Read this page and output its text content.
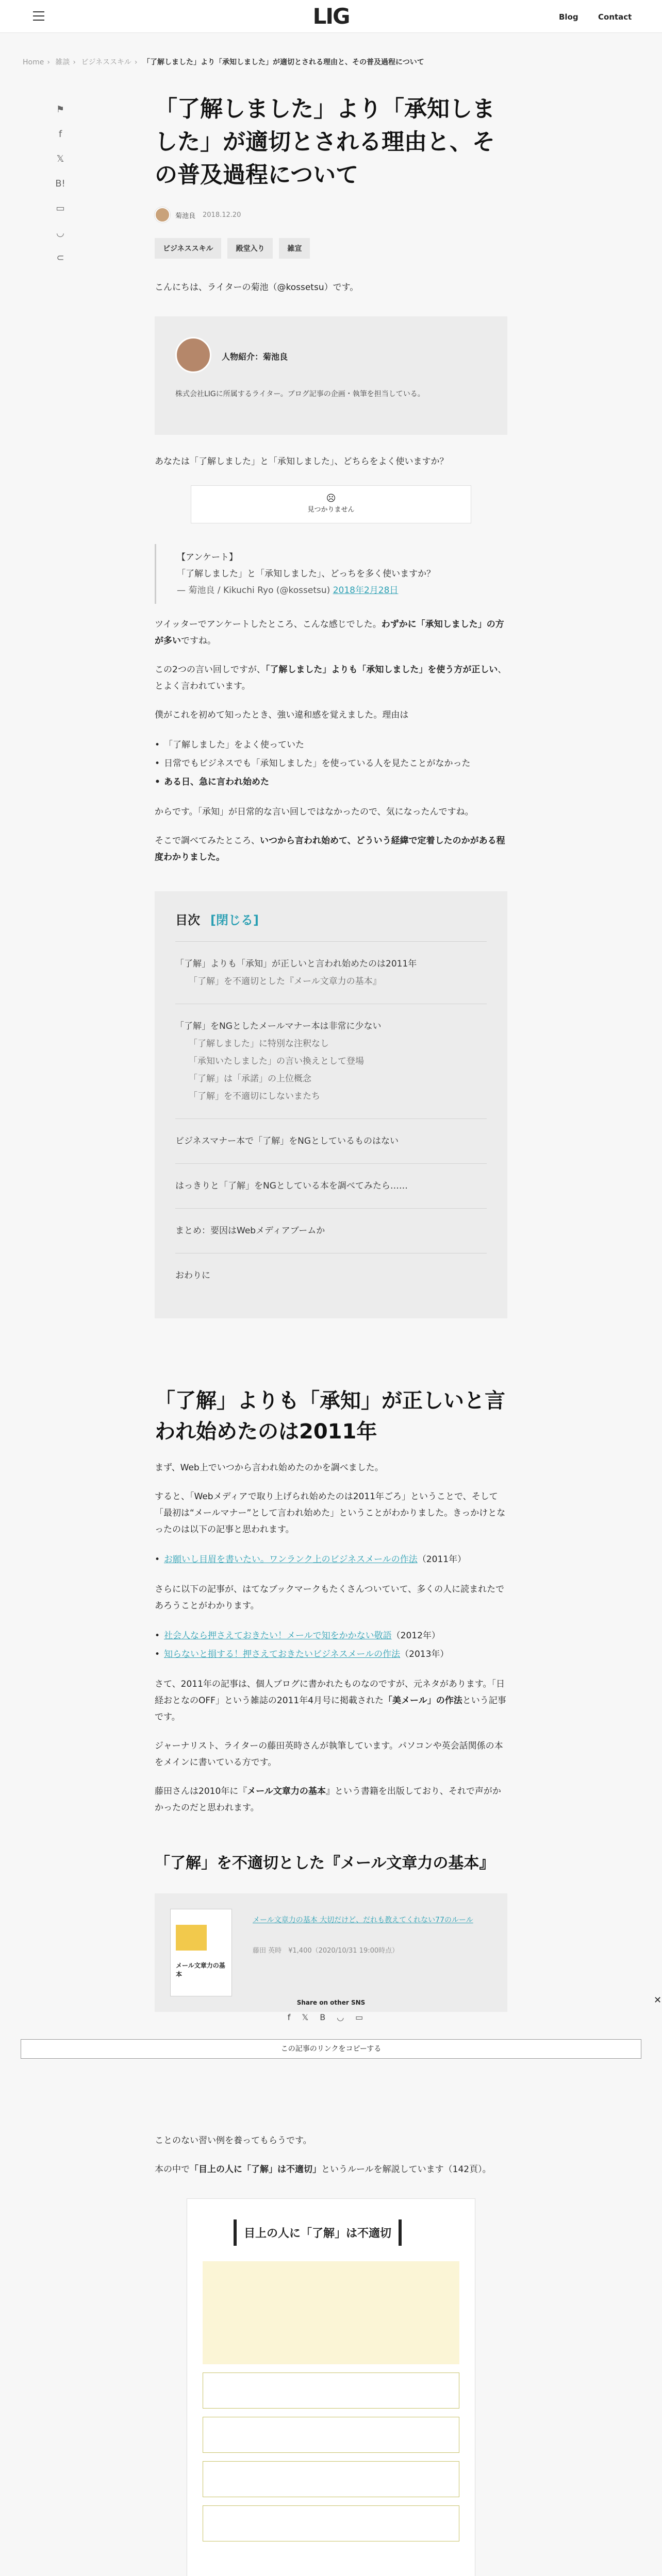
LIG	Blog	Contact
Home › 雑談 › ビジネススキル › 「了解しました」より「承知しました」が適切とされる理由と、その普及過程について
⚑
f
𝕏
B!
▭
◡
⊂
「了解しました」より「承知しました」が適切とされる理由と、その普及過程について
菊池良 2018.12.20
ビジネススキル	殿堂入り	雑宣

こんにちは、ライターの菊池（@kossetsu）です。

人物紹介：菊池良
株式会社LIGに所属するライター。ブログ記事の企画・執筆を担当している。

あなたは「了解しました」と「承知しました」、どちらをよく使いますか？

☹
見つかりません
【アンケート】
「了解しました」と「承知しました」、どっちを多く使いますか？
— 菊池良 / Kikuchi Ryo (@kossetsu) 2018年2月28日

ツイッターでアンケートしたところ、こんな感じでした。わずかに「承知しました」の方が多いですね。

この2つの言い回しですが、「了解しました」よりも「承知しました」を使う方が正しい、とよく言われています。

僕がこれを初めて知ったとき、強い違和感を覚えました。理由は

• 「了解しました」をよく使っていた
• 日常でもビジネスでも「承知しました」を使っている人を見たことがなかった
• ある日、急に言われ始めた

からです。「承知」が日常的な言い回しではなかったので、気になったんですね。

そこで調べてみたところ、いつから言われ始めて、どういう経緯で定着したのかがある程度わかりました。

目次 [閉じる]
「了解」よりも「承知」が正しいと言われ始めたのは2011年
「了解」を不適切とした『メール文章力の基本』
「了解」をNGとしたメールマナー本は非常に少ない
「了解しました」に特別な注釈なし
「承知いたしました」の言い換えとして登場
「了解」は「承諾」の上位概念
「了解」を不適切にしないまたち
ビジネスマナー本で「了解」をNGとしているものはない
はっきりと「了解」をNGとしている本を調べてみたら……
まとめ：要因はWebメディアブームか
おわりに
「了解」よりも「承知」が正しいと言われ始めたのは2011年

まず、Web上でいつから言われ始めたのかを調べました。

すると、「Webメディアで取り上げられ始めたのは2011年ごろ」ということで、そして「最初は“メールマナー”として言われ始めた」ということがわかりました。きっかけとなったのは以下の記事と思われます。

• お願いし目眉を書いたい。ワンランク上のビジネスメールの作法（2011年）

さらに以下の記事が、はてなブックマークもたくさんついていて、多くの人に読まれたであろうことがわかります。

• 社会人なら押さえておきたい！メールで知をかかない敬語（2012年）
• 知らないと損する！押さえておきたいビジネスメールの作法（2013年）

さて、2011年の記事は、個人ブログに書かれたものなのですが、元ネタがあります。「日経おとなのOFF」という雑誌の2011年4月号に掲載された「美メール」の作法という記事です。

ジャーナリスト、ライターの藤田英時さんが執筆しています。パソコンや英会話関係の本をメインに書いている方です。

藤田さんは2010年に『メール文章力の基本』という書籍を出版しており、それで声がかかったのだと思われます。

「了解」を不適切とした『メール文章力の基本』
メール文章力の基本
メール文章力の基本 大切だけど、だれも教えてくれない77のルール
藤田 英時　¥1,400（2020/10/31 19:00時点）

ことのない習い例を養ってもらうです。

本の中で「目上の人に「了解」は不適切」というルールを解説しています（142頁）。

目上の人に「了解」は不適切

✕
Share on other SNS
f𝕏B◡▭
この記事のリンクをコピーする
